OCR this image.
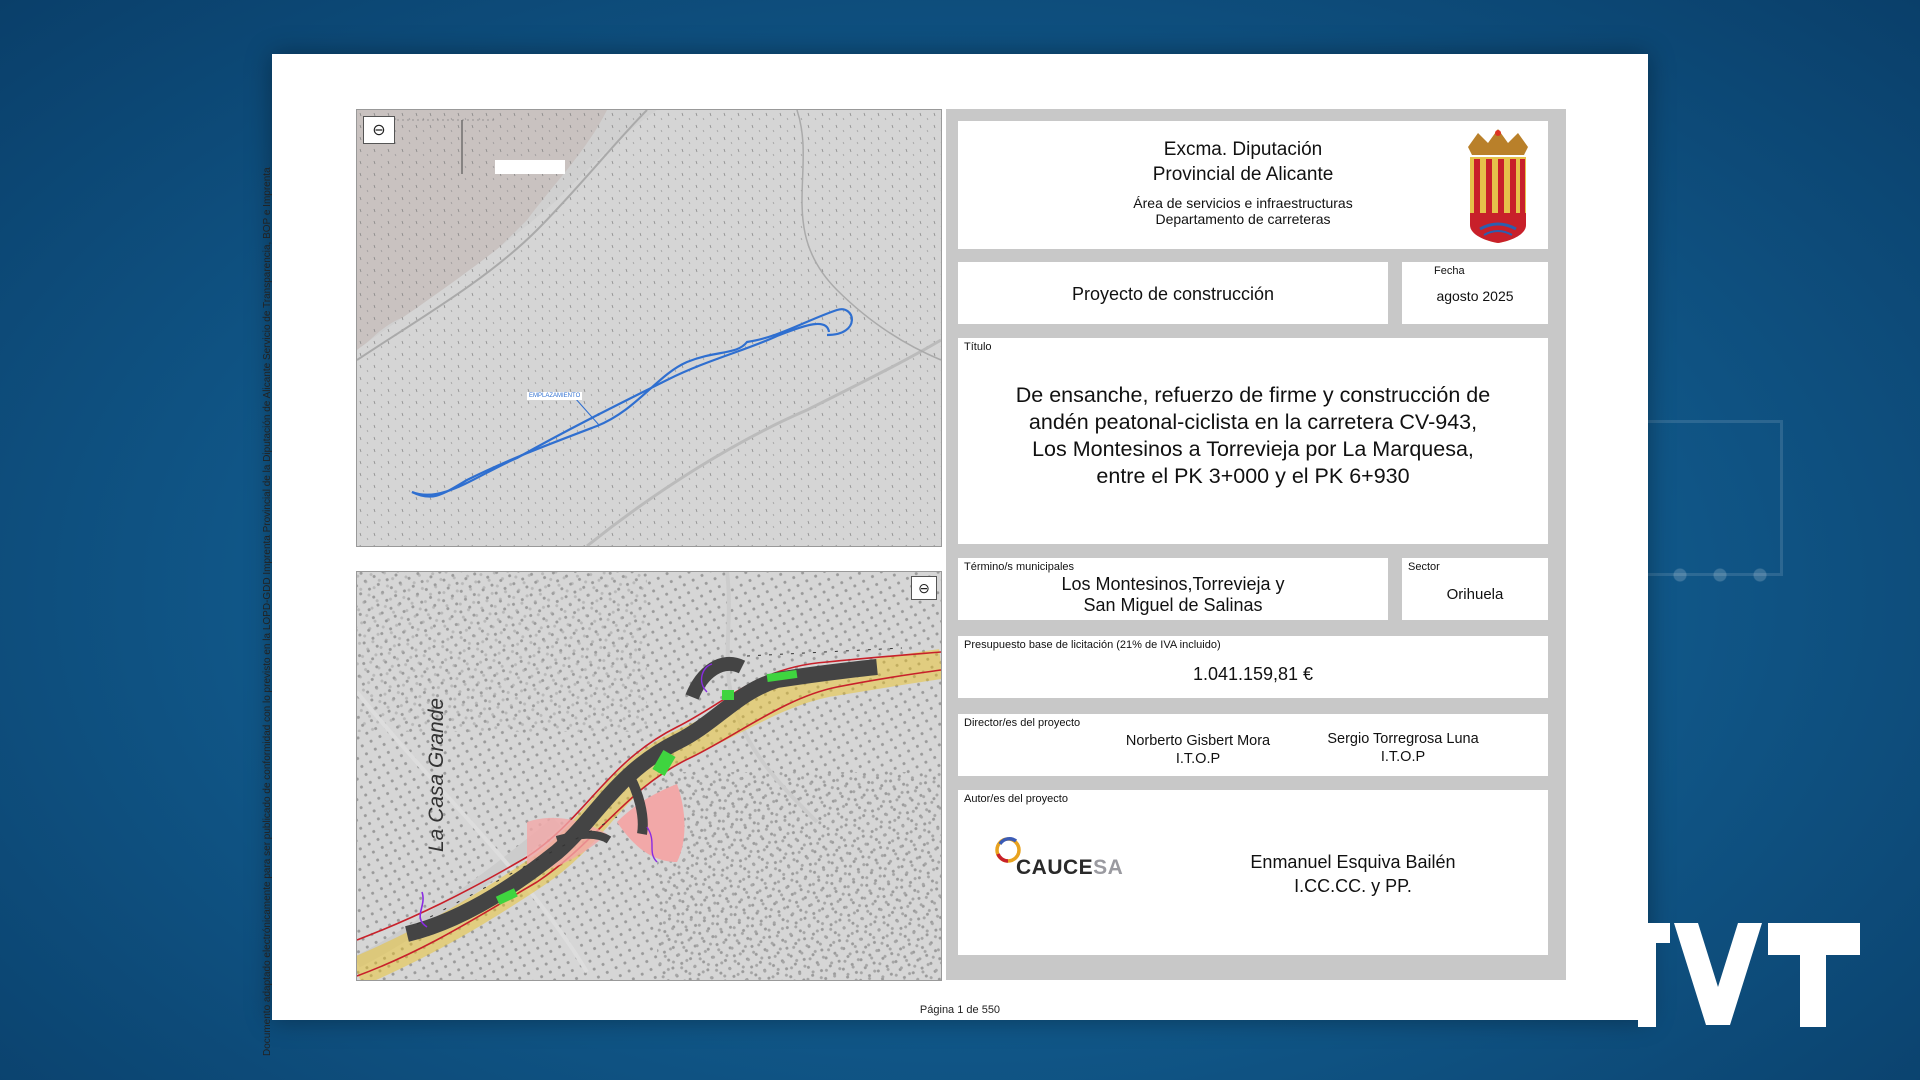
Documento adaptado electrónicamente para ser publicado de conformidad con lo previsto en la LOPD-GDD Imprenta Provincial de la Diputación de Alicante Servicio de Transparencia, BOP e Imprenta
⊖
EMPLAZAMIENTO
⊖
La Casa Grande
Excma. Diputación
Provincial de Alicante
Área de servicios e infraestructuras
Departamento de carreteras
Proyecto de construcción
Fecha
agosto 2025
Título
De ensanche, refuerzo de firme y construcción de
andén peatonal-ciclista en la carretera CV-943,
Los Montesinos a Torrevieja por La Marquesa,
entre el PK 3+000 y el PK 6+930
Término/s municipales
Los Montesinos,Torrevieja y
San Miguel de Salinas
Sector
Orihuela
Presupuesto base de licitación (21% de IVA incluido)
1.041.159,81 €
Director/es del proyecto
Norberto Gisbert Mora
I.T.O.P
Sergio Torregrosa Luna
I.T.O.P
Autor/es del proyecto
CAUCESA	Enmanuel Esquiva Bailén
I.CC.CC. y PP.
Página 1 de 550
